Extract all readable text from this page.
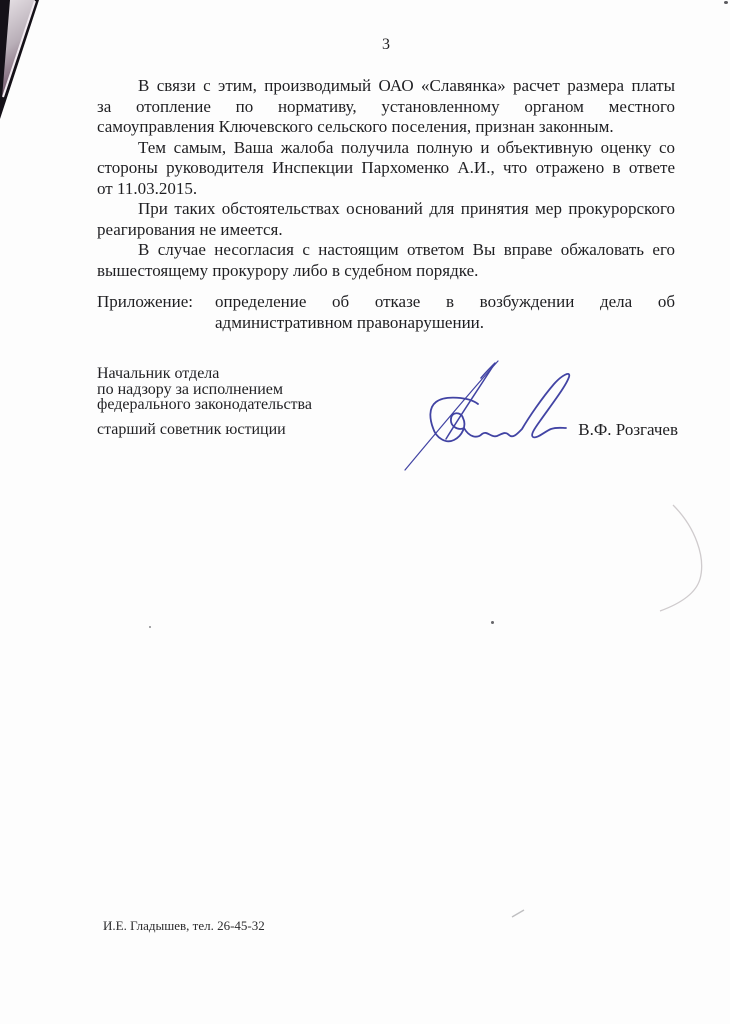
3
В связи с этим, производимый ОАО «Славянка» расчет размера платы
за отопление по нормативу, установленному органом местного
самоуправления Ключевского сельского поселения, признан законным.
Тем самым, Ваша жалоба получила полную и объективную оценку со
стороны руководителя Инспекции Пархоменко А.И., что отражено в ответе
от 11.03.2015.
При таких обстоятельствах оснований для принятия мер прокурорского
реагирования не имеется.
В случае несогласия с настоящим ответом Вы вправе обжаловать его
вышестоящему прокурору либо в судебном порядке.
Приложение:	определение об отказе в возбуждении дела об
административном правонарушении.
Начальник отдела
по надзору за исполнением
федерального законодательства
старший советник юстиции	В.Ф. Розгачев
И.Е. Гладышев, тел. 26-45-32
